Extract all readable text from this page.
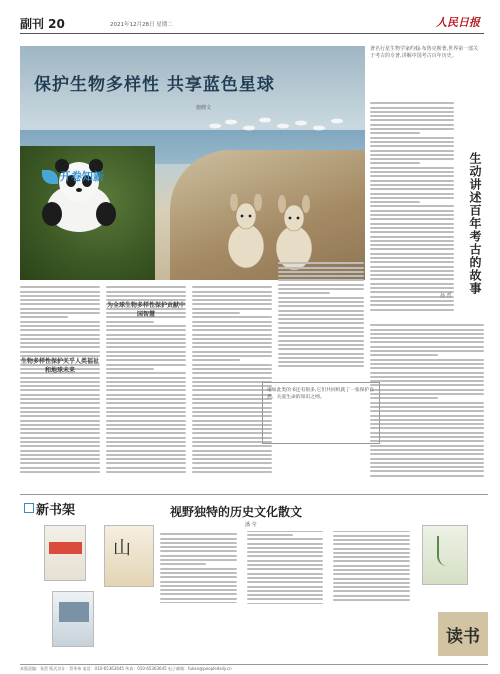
副刊 20	2021年12月28日 星期二	人民日报
保护生物多样性 共享蓝色星球
开卷知新
施晓文
著名行星生物学家约翰·布鲁克斯著,世界第一部关于考古的专著,讲解中国考古百年历史。
生动讲述百年考古的故事
孙 哲
生物多样性保护关乎人类福祉和地球未来
为全球生物多样性保护贡献中国智慧
诸如此类的书还有很多,它们共同织就了一张保护自然、关爱生命的知识之网。
新书架	视野独特的历史文化散文
潘 莹
山
读书
本版责编：张贺 版式设计：蔡华伟 电话：010-65363645 传真：010-65363645 电子邮箱：fukan@peopledaily.cn
